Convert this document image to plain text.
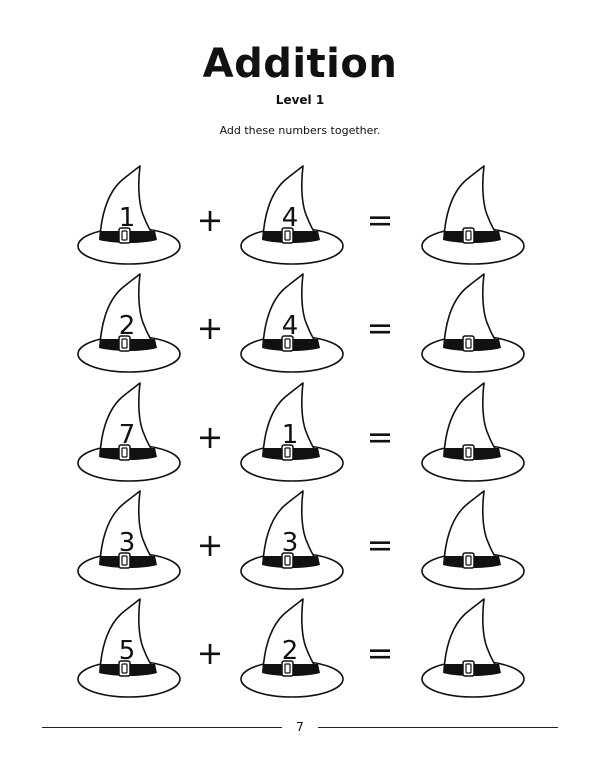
Addition
Level 1
Add these numbers together.
1	+	4	=
2	+	4	=
7	+	1	=
3	+	3	=
5	+	2	=
7
